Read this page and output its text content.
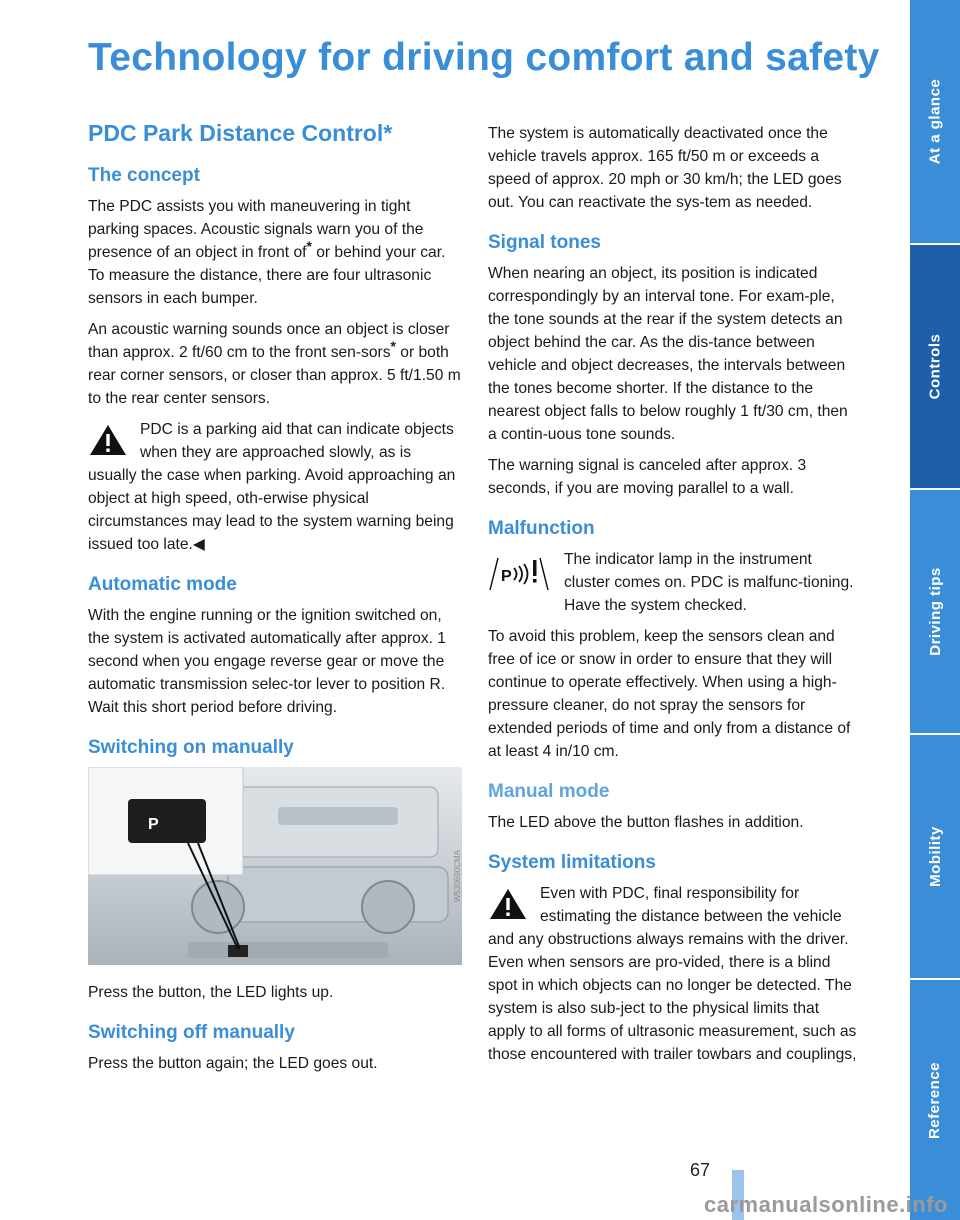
Technology for driving comfort and safety
PDC Park Distance Control*
The concept

The PDC assists you with maneuvering in tight parking spaces. Acoustic signals warn you of the presence of an object in front of* or behind your car. To measure the distance, there are four ultrasonic sensors in each bumper.

An acoustic warning sounds once an object is closer than approx. 2 ft/60 cm to the front sen-sors* or both rear corner sensors, or closer than approx. 5 ft/1.50 m to the rear center sensors.

PDC is a parking aid that can indicate objects when they are approached slowly, as is usually the case when parking. Avoid approaching an object at high speed, oth-erwise physical circumstances may lead to the system warning being issued too late.◀

Automatic mode

With the engine running or the ignition switched on, the system is activated automatically after approx. 1 second when you engage reverse gear or move the automatic transmission selec-tor lever to position R. Wait this short period before driving.

Switching on manually
P
W530690CMA

Press the button, the LED lights up.

Switching off manually

Press the button again; the LED goes out.

The system is automatically deactivated once the vehicle travels approx. 165 ft/50 m or exceeds a speed of approx. 20 mph or 30 km/h; the LED goes out. You can reactivate the sys-tem as needed.

Signal tones

When nearing an object, its position is indicated correspondingly by an interval tone. For exam-ple, the tone sounds at the rear if the system detects an object behind the car. As the dis-tance between vehicle and object decreases, the intervals between the tones become shorter. If the distance to the nearest object falls to below roughly 1 ft/30 cm, then a contin-uous tone sounds.

The warning signal is canceled after approx. 3 seconds, if you are moving parallel to a wall.

Malfunction
P

The indicator lamp in the instrument cluster comes on. PDC is malfunc-tioning. Have the system checked.

To avoid this problem, keep the sensors clean and free of ice or snow in order to ensure that they will continue to operate effectively. When using a high-pressure cleaner, do not spray the sensors for extended periods of time and only from a distance of at least 4 in/10 cm.

Manual mode

The LED above the button flashes in addition.

System limitations

Even with PDC, final responsibility for estimating the distance between the vehicle and any obstructions always remains with the driver. Even when sensors are pro-vided, there is a blind spot in which objects can no longer be detected. The system is also sub-ject to the physical limits that apply to all forms of ultrasonic measurement, such as those encountered with trailer towbars and couplings,

At a glance
Controls
Driving tips
Mobility
Reference
67
carmanualsonline.info
